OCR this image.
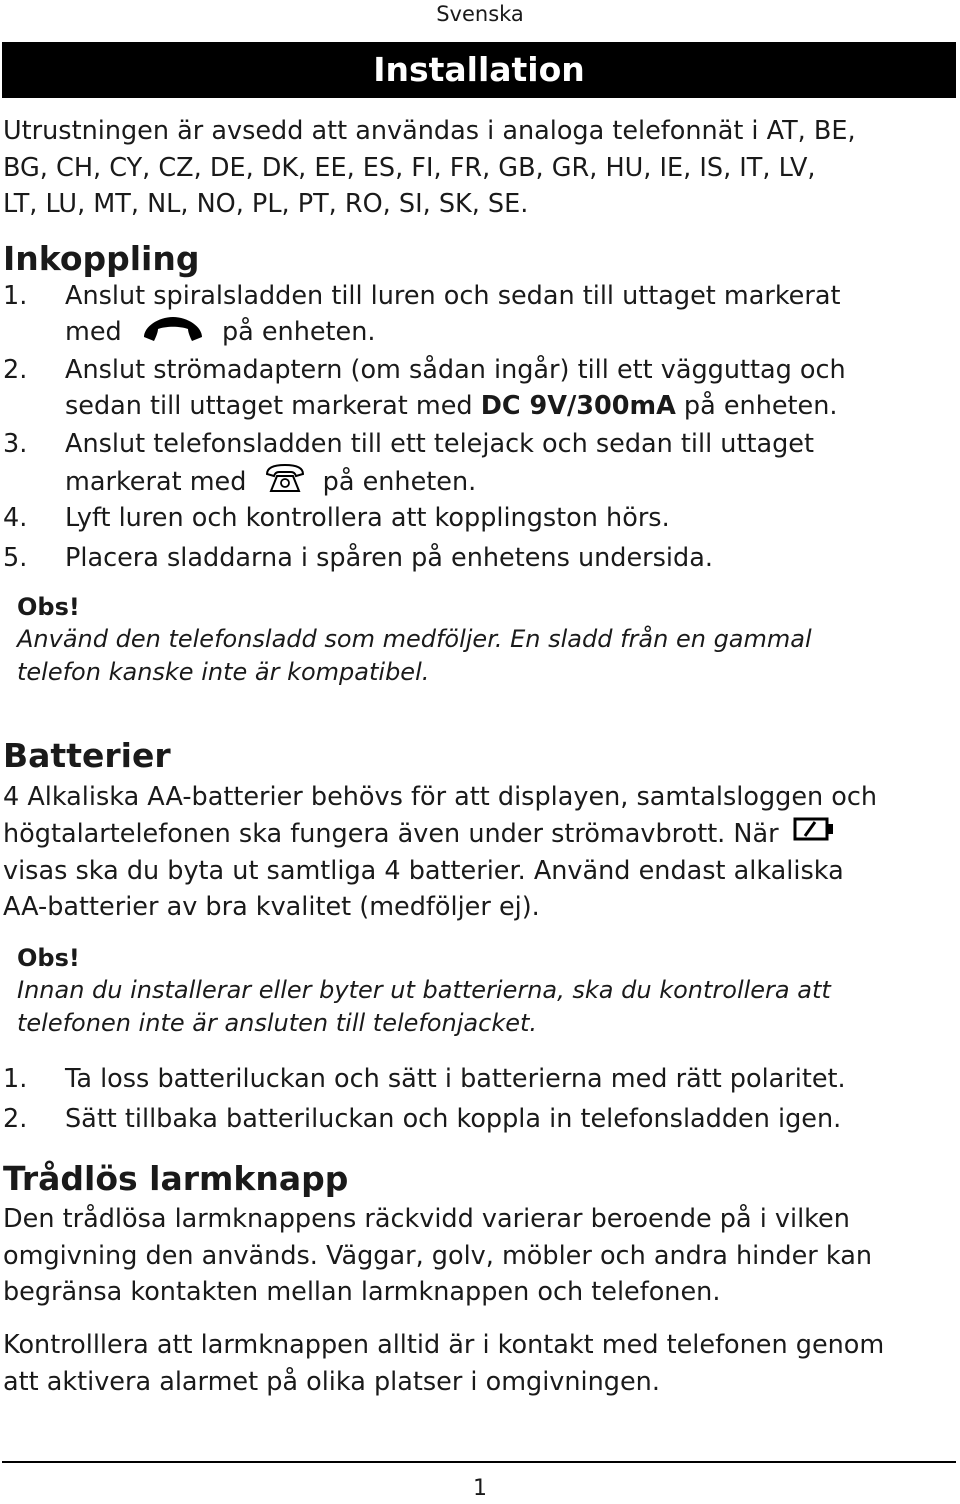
Svenska
Installation
Utrustningen är avsedd att användas i analoga telefonnät i AT, BE,
BG, CH, CY, CZ, DE, DK, EE, ES, FI, FR, GB, GR, HU, IE, IS, IT, LV,
LT, LU, MT, NL, NO, PL, PT, RO, SI, SK, SE.
Inkoppling
1.	Anslut spiralsladden till luren och sedan till uttaget markerat
med	på enheten.
2.	Anslut strömadaptern (om sådan ingår) till ett vägguttag och
sedan till uttaget markerat med DC 9V/300mA på enheten.
3.	Anslut telefonsladden till ett telejack och sedan till uttaget
markerat med	på enheten.
4.	Lyft luren och kontrollera att kopplingston hörs.
5.	Placera sladdarna i spåren på enhetens undersida.
Obs!
Använd den telefonsladd som medföljer. En sladd från en gammal
telefon kanske inte är kompatibel.
Batterier
4 Alkaliska AA-batterier behövs för att displayen, samtalsloggen och
högtalartelefonen ska fungera även under strömavbrott. När
visas ska du byta ut samtliga 4 batterier. Använd endast alkaliska
AA-batterier av bra kvalitet (medföljer ej).
Obs!
Innan du installerar eller byter ut batterierna, ska du kontrollera att
telefonen inte är ansluten till telefonjacket.
1.	Ta loss batteriluckan och sätt i batterierna med rätt polaritet.
2.	Sätt tillbaka batteriluckan och koppla in telefonsladden igen.
Trådlös larmknapp
Den trådlösa larmknappens räckvidd varierar beroende på i vilken
omgivning den används. Väggar, golv, möbler och andra hinder kan
begränsa kontakten mellan larmknappen och telefonen.
Kontrolllera att larmknappen alltid är i kontakt med telefonen genom
att aktivera alarmet på olika platser i omgivningen.
1
